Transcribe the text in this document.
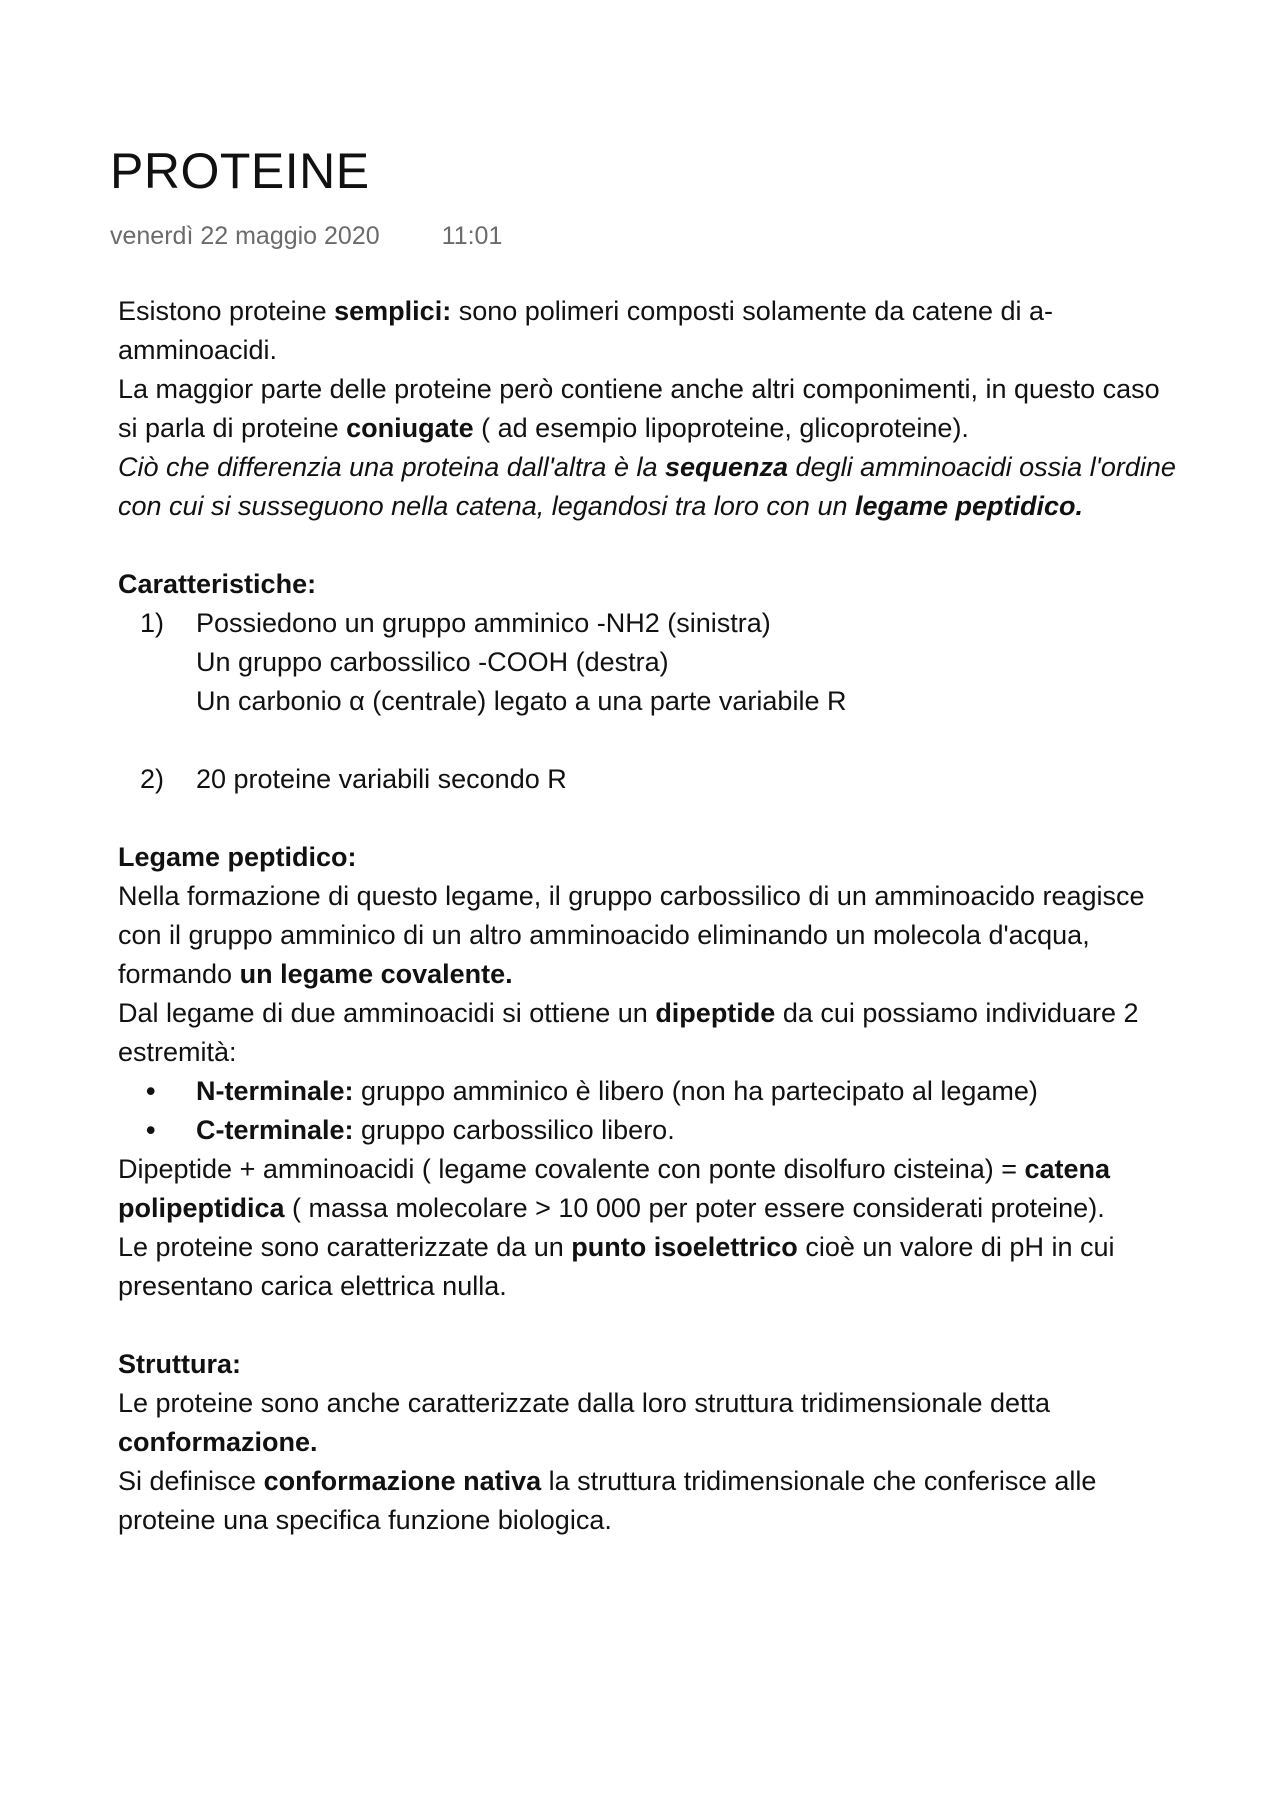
PROTEINE
venerdì 22 maggio 2020 11:01

Esistono proteine semplici: sono polimeri composti solamente da catene di a-amminoacidi.

La maggior parte delle proteine però contiene anche altri componimenti, in questo caso si parla di proteine coniugate ( ad esempio lipoproteine, glicoproteine).

Ciò che differenzia una proteina dall'altra è la sequenza degli amminoacidi ossia l'ordine con cui si susseguono nella catena, legandosi tra loro con un legame peptidico.

Caratteristiche:

1) Possiedono un gruppo amminico -NH2 (sinistra)
Un gruppo carbossilico -COOH (destra)
Un carbonio α (centrale) legato a una parte variabile R
2) 20 proteine variabili secondo R

Legame peptidico:

Nella formazione di questo legame, il gruppo carbossilico di un amminoacido reagisce con il gruppo amminico di un altro amminoacido eliminando un molecola d'acqua, formando un legame covalente.

Dal legame di due amminoacidi si ottiene un dipeptide da cui possiamo individuare 2 estremità:

• N-terminale: gruppo amminico è libero (non ha partecipato al legame)
• C-terminale: gruppo carbossilico libero.

Dipeptide + amminoacidi ( legame covalente con ponte disolfuro cisteina) = catena polipeptidica ( massa molecolare > 10 000 per poter essere considerati proteine).

Le proteine sono caratterizzate da un punto isoelettrico cioè un valore di pH in cui presentano carica elettrica nulla.

Struttura:

Le proteine sono anche caratterizzate dalla loro struttura tridimensionale detta conformazione.

Si definisce conformazione nativa la struttura tridimensionale che conferisce alle proteine una specifica funzione biologica.
